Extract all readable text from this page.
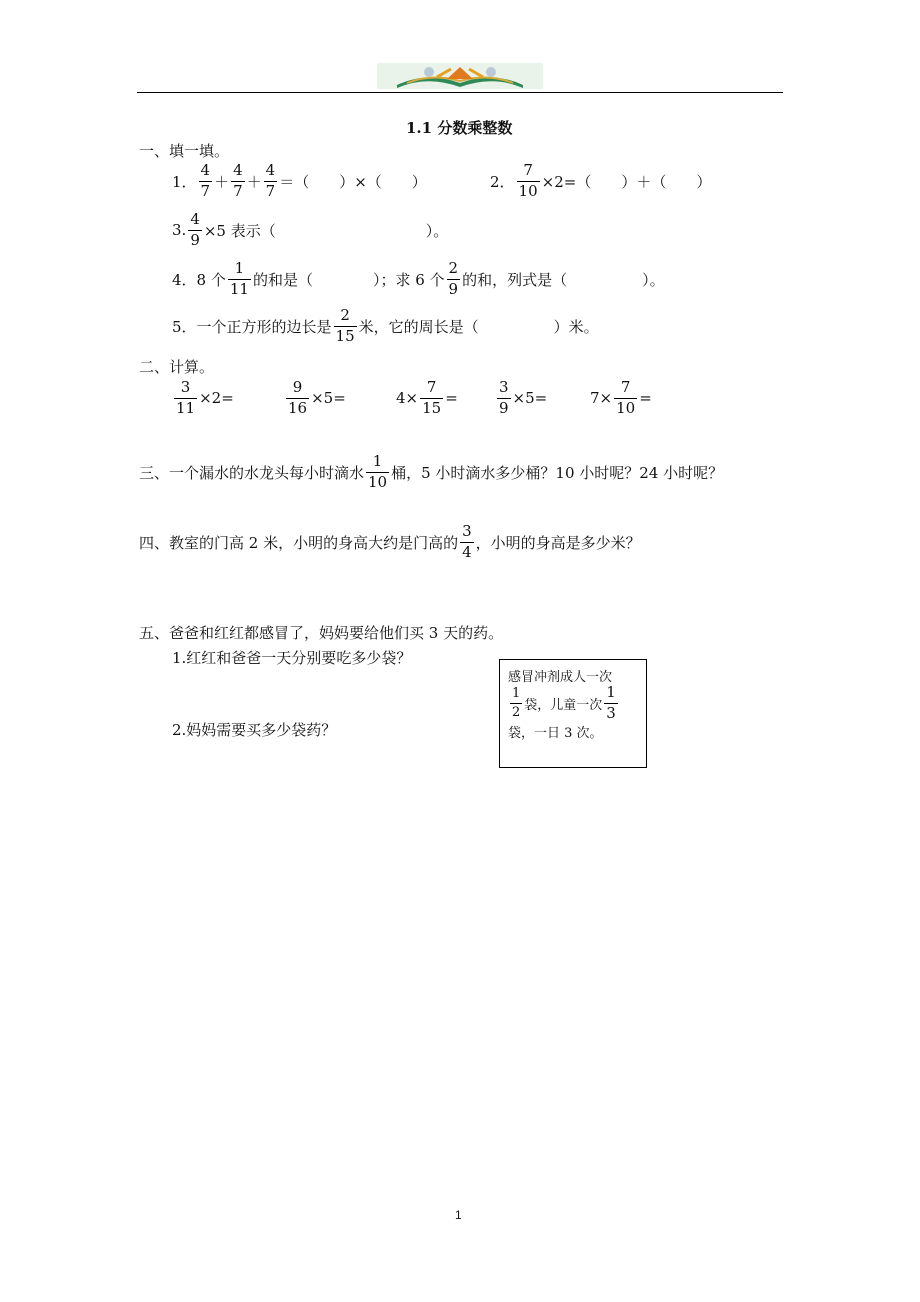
1.1 分数乘整数
一、填一填。
1． $\frac{4}{7} + \frac{4}{7} + \frac{4}{7}$ ＝（　　）×（　　）	2． $\frac{7}{10} \times 2=$（　　）＋（　　）
3. $\frac{4}{9} \times 5$ 表示（　　　　　　　　　　）。
4．8 个 $\frac{1}{11}$ 的和是（　　　　）；求 6 个 $\frac{2}{9}$ 的和，列式是（　　　　　）。
5．一个正方形的边长是 $\frac{2}{15}$ 米，它的周长是（　　　　　）米。
二、计算。
$\frac{3}{11} \times 2=$	$\frac{9}{16} \times 5=$	$4\times \frac{7}{15}$ =	$\frac{3}{9} \times 5=$	$7\times \frac{7}{10}$ =
三、一个漏水的水龙头每小时滴水 $\frac{1}{10}$ 桶，5 小时滴水多少桶？10 小时呢？24 小时呢？
四、教室的门高 2 米，小明的身高大约是门高的 $\frac{3}{4}$ ，小明的身高是多少米？
五、爸爸和红红都感冒了，妈妈要给他们买 3 天的药。
1.红红和爸爸一天分别要吃多少袋？
2.妈妈需要买多少袋药？
感冒冲剂成人一次
$\frac{1}{2}$ 袋，儿童一次 $\frac{1}{3}$
袋，一日 3 次。
1
